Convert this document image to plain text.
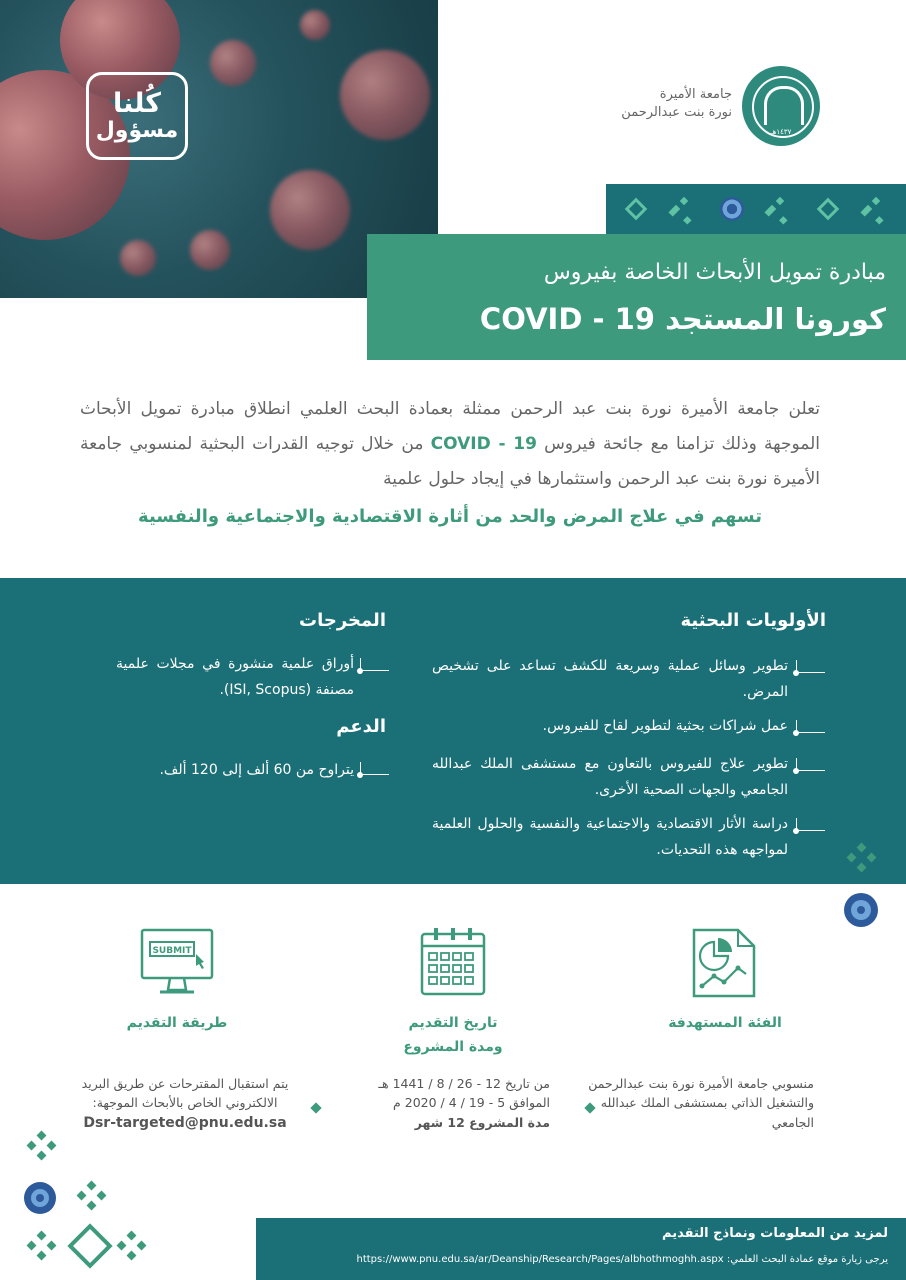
كُلنا
مسؤول	١٤٣٧هـ
جامعة الأميرة
نورة بنت عبدالرحمن
مبادرة تمويل الأبحاث الخاصة بفيروس
كورونا المستجد 19 - COVID
تعلن جامعة الأميرة نورة بنت عبد الرحمن ممثلة بعمادة البحث العلمي انطلاق مبادرة تمويل الأبحاث الموجهة وذلك تزامنا مع جائحة فيروس COVID - 19 من خلال توجيه القدرات البحثية لمنسوبي جامعة الأميرة نورة بنت عبد الرحمن واستثمارها في إيجاد حلول علمية
تسهم في علاج المرض والحد من أثارة الاقتصادية والاجتماعية والنفسية
الأولويات البحثية
تطوير وسائل عملية وسريعة للكشف تساعد على تشخيص المرض.
عمل شراكات بحثية لتطوير لقاح للفيروس.
تطوير علاج للفيروس بالتعاون مع مستشفى الملك عبدالله الجامعي والجهات الصحية الأخرى.
دراسة الأثار الاقتصادية والاجتماعية والنفسية والحلول العلمية لمواجهه هذه التحديات.
المخرجات
أوراق علمية منشورة في مجلات علمية مصنفة (ISI, Scopus).
الدعم
يتراوح من 60 ألف إلى 120 ألف.
SUBMIT
طريقة التقديم
يتم استقبال المقترحات عن طريق البريد الالكتروني الخاص بالأبحاث الموجهة:
Dsr-targeted@pnu.edu.sa
تاريخ التقديم
ومدة المشروع
من تاريخ 12 - 26 / 8 / 1441 هـ
الموافق 5 - 19 / 4 / 2020 م
مدة المشروع 12 شهر
الفئة المستهدفة
منسوبي جامعة الأميرة نورة بنت عبدالرحمن والتشغيل الذاتي بمستشفى الملك عبدالله الجامعي
لمزيد من المعلومات ونماذج التقديم
يرجى زيارة موقع عمادة البحث العلمي: https://www.pnu.edu.sa/ar/Deanship/Research/Pages/albhothmoghh.aspx
